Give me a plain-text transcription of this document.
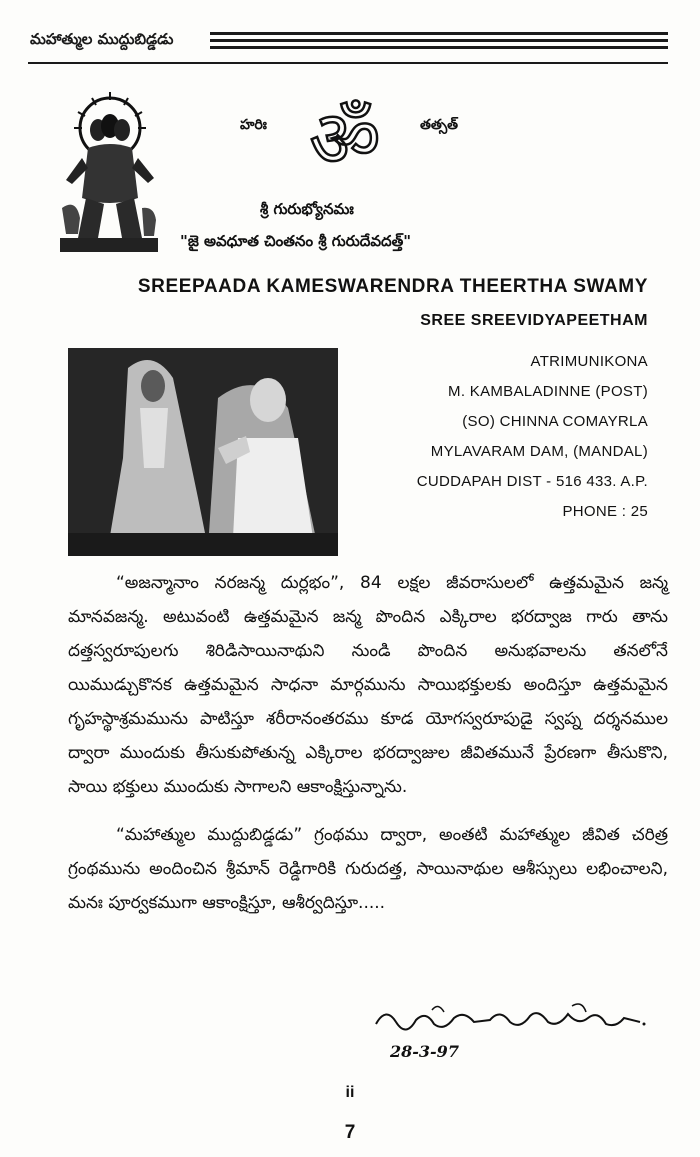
మహాత్ముల ముద్దుబిడ్డడు
హరిః ॐ	తత్సత్
శ్రీ గురుభ్యోనమః
"జై అవధూత చింతనం శ్రీ గురుదేవదత్త్"
SREEPAADA KAMESWARENDRA THEERTHA SWAMY
SREE SREEVIDYAPEETHAM
ATRIMUNIKONA
M. KAMBALADINNE (POST)
(SO) CHINNA COMAYRLA
MYLAVARAM DAM, (MANDAL)
CUDDAPAH DIST - 516 433. A.P.
PHONE : 25

“అజన్మానాం నరజన్మ దుర్లభం”, 84 లక్షల జీవరాసులలో ఉత్తమమైన జన్మ మానవజన్మ. అటువంటి ఉత్తమమైన జన్మ పొందిన ఎక్కిరాల భరద్వాజ గారు తాను దత్తస్వరూపులగు శిరిడిసాయినాథుని నుండి పొందిన అనుభవాలను తనలోనే యిముడ్చుకొనక ఉత్తమమైన సాధనా మార్గమును సాయిభక్తులకు అందిస్తూ ఉత్తమమైన గృహస్థాశ్రమమును పాటిస్తూ శరీరానంతరము కూడ యోగస్వరూపుడై స్వప్న దర్శనముల ద్వారా ముందుకు తీసుకుపోతున్న ఎక్కిరాల భరద్వాజుల జీవితమునే ప్రేరణగా తీసుకొని, సాయి భక్తులు ముందుకు సాగాలని ఆకాంక్షిస్తున్నాను.

“మహాత్ముల ముద్దుబిడ్డడు” గ్రంథము ద్వారా, అంతటి మహాత్ముల జీవిత చరిత్ర గ్రంథమును అందించిన శ్రీమాన్ రెడ్డిగారికి గురుదత్త, సాయినాథుల ఆశీస్సులు లభించాలని, మనః పూర్వకముగా ఆకాంక్షిస్తూ, ఆశీర్వదిస్తూ.....

28-3-97
ii
7
